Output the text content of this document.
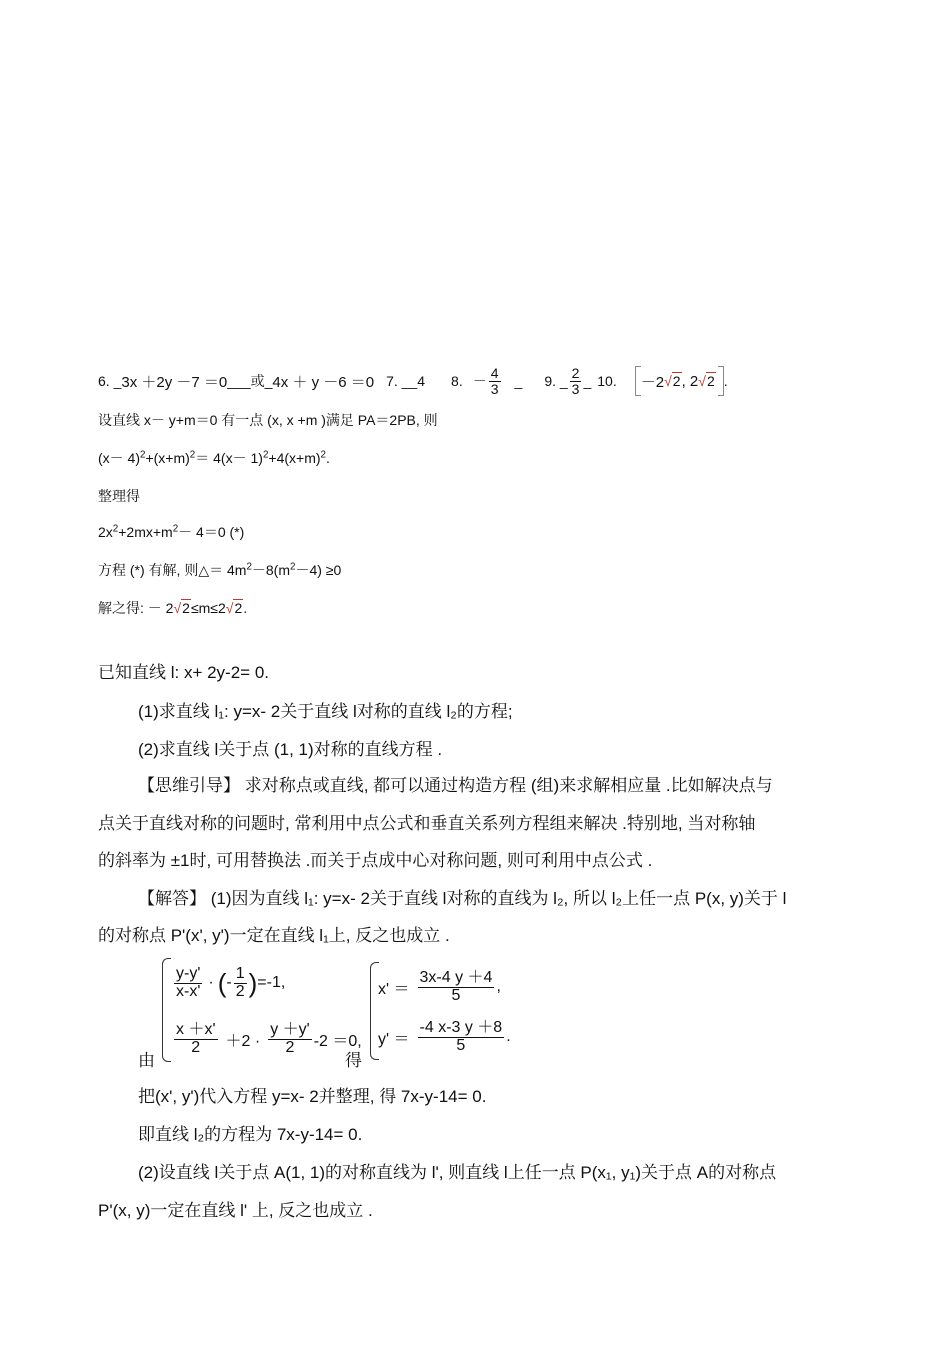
6. _ 3x ＋2y －7 ＝0 ___或_ 4x ＋ y －6 ＝0 7. __4 8. － $\frac{4}{3}$ _ 9. _ $\frac{2}{3}$ _ 10. －2 √2 , 2 √2 .
设直线 x－ y+m＝0 有一点 (x, x +m )满足 PA＝2PB, 则
$(x- 4)^2+(x+m)^2= 4(x- 1)^2+4(x+m)^2$.
整理得
$2x^2+2mx+m^2- 4=0$ (*)
方程 (*) 有解, 则△＝ $4m^2-8(m^2-4) \ge 0$
解之得: － 2√2≤m≤2√2.
已知直线 l: x+ 2y-2= 0.
(1)求直线 l₁: y=x- 2关于直线 l对称的直线 l₂的方程;
(2)求直线 l关于点 (1, 1)对称的直线方程 .
【思维引导】 求对称点或直线, 都可以通过构造方程 (组)来求解相应量 .比如解决点与
点关于直线对称的问题时, 常利用中点公式和垂直关系列方程组来解决 .特别地, 当对称轴
的斜率为 ±1时, 可用替换法 .而关于点成中心对称问题, 则可利用中点公式 .
【解答】 (1)因为直线 l₁: y=x- 2关于直线 l对称的直线为 l₂, 所以 l₂上任一点 P(x, y)关于 l
的对称点 P'(x', y')一定在直线 l₁上, 反之也成立 .
由
$\frac{y-y'}{x-x'}$ · ( - $\frac{1}{2}$ ) =-1,
$\frac{x +x'}{2} +2 \cdot \frac{y +y'}{2} -2 =0$,
得
$x' = \frac{3x-4 y +4}{5}$ ,
$y' = \frac{-4 x-3 y +8}{5}$ .
把(x', y')代入方程 y=x- 2并整理, 得 7x-y-14= 0.
即直线 l₂的方程为 7x-y-14= 0.
(2)设直线 l关于点 A(1, 1)的对称直线为 l', 则直线 l上任一点 P(x₁, y₁)关于点 A的对称点
P'(x, y)一定在直线 l' 上, 反之也成立 .
